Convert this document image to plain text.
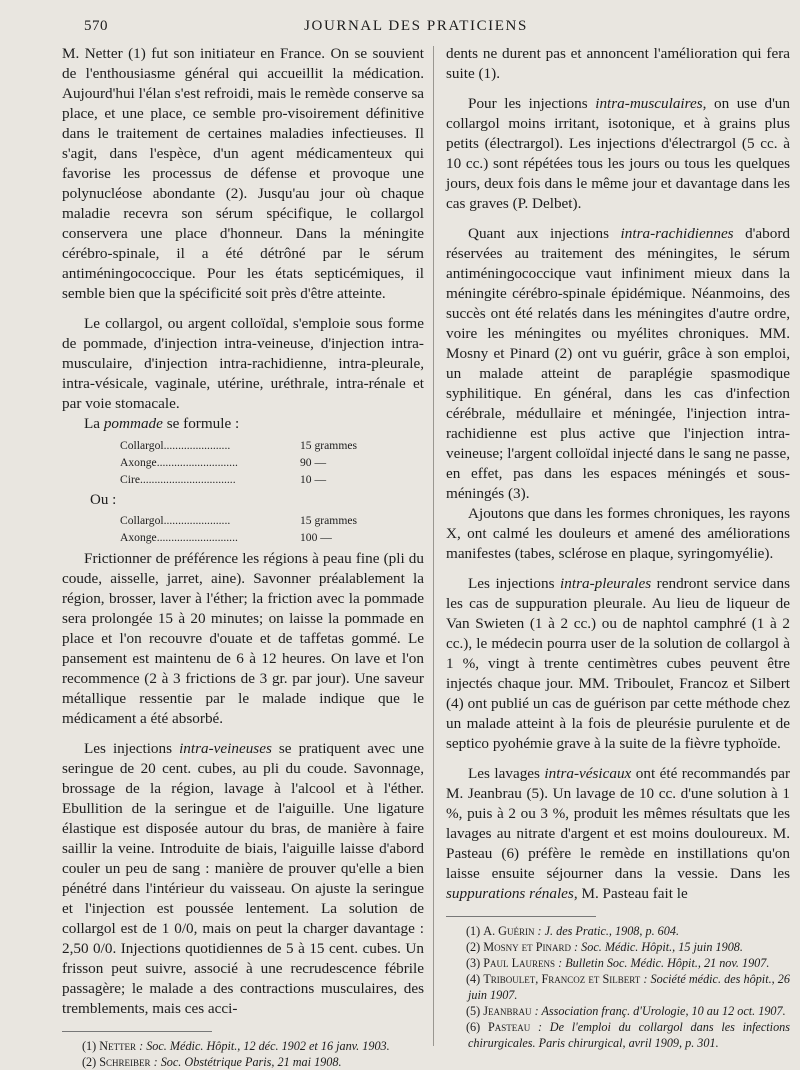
570	JOURNAL DES PRATICIENS

M. Netter (1) fut son initiateur en France. On se souvient de l'enthousiasme général qui accueillit la médication. Aujourd'hui l'élan s'est refroidi, mais le remède conserve sa place, et une place, ce semble pro-visoirement définitive dans le traitement de certaines maladies infectieuses. Il s'agit, dans l'espèce, d'un agent médicamenteux qui favorise les processus de défense et provoque une polynucléose abondante (2). Jusqu'au jour où chaque maladie recevra son sérum spécifique, le collargol conservera une place d'honneur. Dans la méningite cérébro-spinale, il a été détrôné par le sérum antiméningococcique. Pour les états septicémiques, il semble bien que la spécificité soit près d'être atteinte.

Le collargol, ou argent colloïdal, s'emploie sous forme de pommade, d'injection intra-veineuse, d'injection intra-musculaire, d'injection intra-rachidienne, intra-pleurale, intra-vésicale, vaginale, utérine, uréthrale, intra-rénale et par voie stomacale.

La pommade se formule :

Collargol.......................	15 grammes
Axonge............................	90 —
Cire.................................	10 —
Ou :
Collargol.......................	15 grammes
Axonge............................	100 —

Frictionner de préférence les régions à peau fine (pli du coude, aisselle, jarret, aine). Savonner préalablement la région, brosser, laver à l'éther; la friction avec la pommade sera prolongée 15 à 20 minutes; on laisse la pommade en place et l'on recouvre d'ouate et de taffetas gommé. Le pansement est maintenu de 6 à 12 heures. On lave et l'on recommence (2 à 3 frictions de 3 gr. par jour). Une saveur métallique ressentie par le malade indique que le médicament a été absorbé.

Les injections intra-veineuses se pratiquent avec une seringue de 20 cent. cubes, au pli du coude. Savonnage, brossage de la région, lavage à l'alcool et à l'éther. Ebullition de la seringue et de l'aiguille. Une ligature élastique est disposée autour du bras, de manière à faire saillir la veine. Introduite de biais, l'aiguille laisse d'abord couler un peu de sang : manière de prouver qu'elle a bien pénétré dans l'intérieur du vaisseau. On ajuste la seringue et l'injection est poussée lentement. La solution de collargol est de 1 0/0, mais on peut la charger davantage : 2,50 0/0. Injections quotidiennes de 5 à 15 cent. cubes. Un frisson peut suivre, associé à une recrudescence fébrile passagère; le malade a des contractions musculaires, des tremblements, mais ces acci-

(1) Netter : Soc. Médic. Hôpit., 12 déc. 1902 et 16 janv. 1903.
(2) Schreiber : Soc. Obstétrique Paris, 21 mai 1908.

dents ne durent pas et annoncent l'amélioration qui fera suite (1).

Pour les injections intra-musculaires, on use d'un collargol moins irritant, isotonique, et à grains plus petits (électrargol). Les injections d'électrargol (5 cc. à 10 cc.) sont répétées tous les jours ou tous les quelques jours, deux fois dans le même jour et davantage dans les cas graves (P. Delbet).

Quant aux injections intra-rachidiennes d'abord réservées au traitement des méningites, le sérum antiméningococcique vaut infiniment mieux dans la méningite cérébro-spinale épidémique. Néanmoins, des succès ont été relatés dans les méningites d'autre ordre, voire les méningites ou myélites chroniques. MM. Mosny et Pinard (2) ont vu guérir, grâce à son emploi, un malade atteint de paraplégie spasmodique syphilitique. En général, dans les cas d'infection cérébrale, médullaire et méningée, l'injection intra-rachidienne est plus active que l'injection intra-veineuse; l'argent colloïdal injecté dans le sang ne passe, en effet, pas dans les espaces méningés et sous-méningés (3).

Ajoutons que dans les formes chroniques, les rayons X, ont calmé les douleurs et amené des améliorations manifestes (tabes, sclérose en plaque, syringomyélie).

Les injections intra-pleurales rendront service dans les cas de suppuration pleurale. Au lieu de liqueur de Van Swieten (1 à 2 cc.) ou de naphtol camphré (1 à 2 cc.), le médecin pourra user de la solution de collargol à 1 %, vingt à trente centimètres cubes peuvent être injectés chaque jour. MM. Triboulet, Francoz et Silbert (4) ont publié un cas de guérison par cette méthode chez un malade atteint à la fois de pleurésie purulente et de septico pyohémie grave à la suite de la fièvre typhoïde.

Les lavages intra-vésicaux ont été recommandés par M. Jeanbrau (5). Un lavage de 10 cc. d'une solution à 1 %, puis à 2 ou 3 %, produit les mêmes résultats que les lavages au nitrate d'argent et est moins douloureux. M. Pasteau (6) préfère le remède en instillations qu'on laisse ensuite séjourner dans la vessie. Dans les suppurations rénales, M. Pasteau fait le

(1) A. Guérin : J. des Pratic., 1908, p. 604.
(2) Mosny et Pinard : Soc. Médic. Hôpit., 15 juin 1908.
(3) Paul Laurens : Bulletin Soc. Médic. Hôpit., 21 nov. 1907.
(4) Triboulet, Francoz et Silbert : Société médic. des hôpit., 26 juin 1907.
(5) Jeanbrau : Association franç. d'Urologie, 10 au 12 oct. 1907.
(6) Pasteau : De l'emploi du collargol dans les infections chirurgicales. Paris chirurgical, avril 1909, p. 301.
